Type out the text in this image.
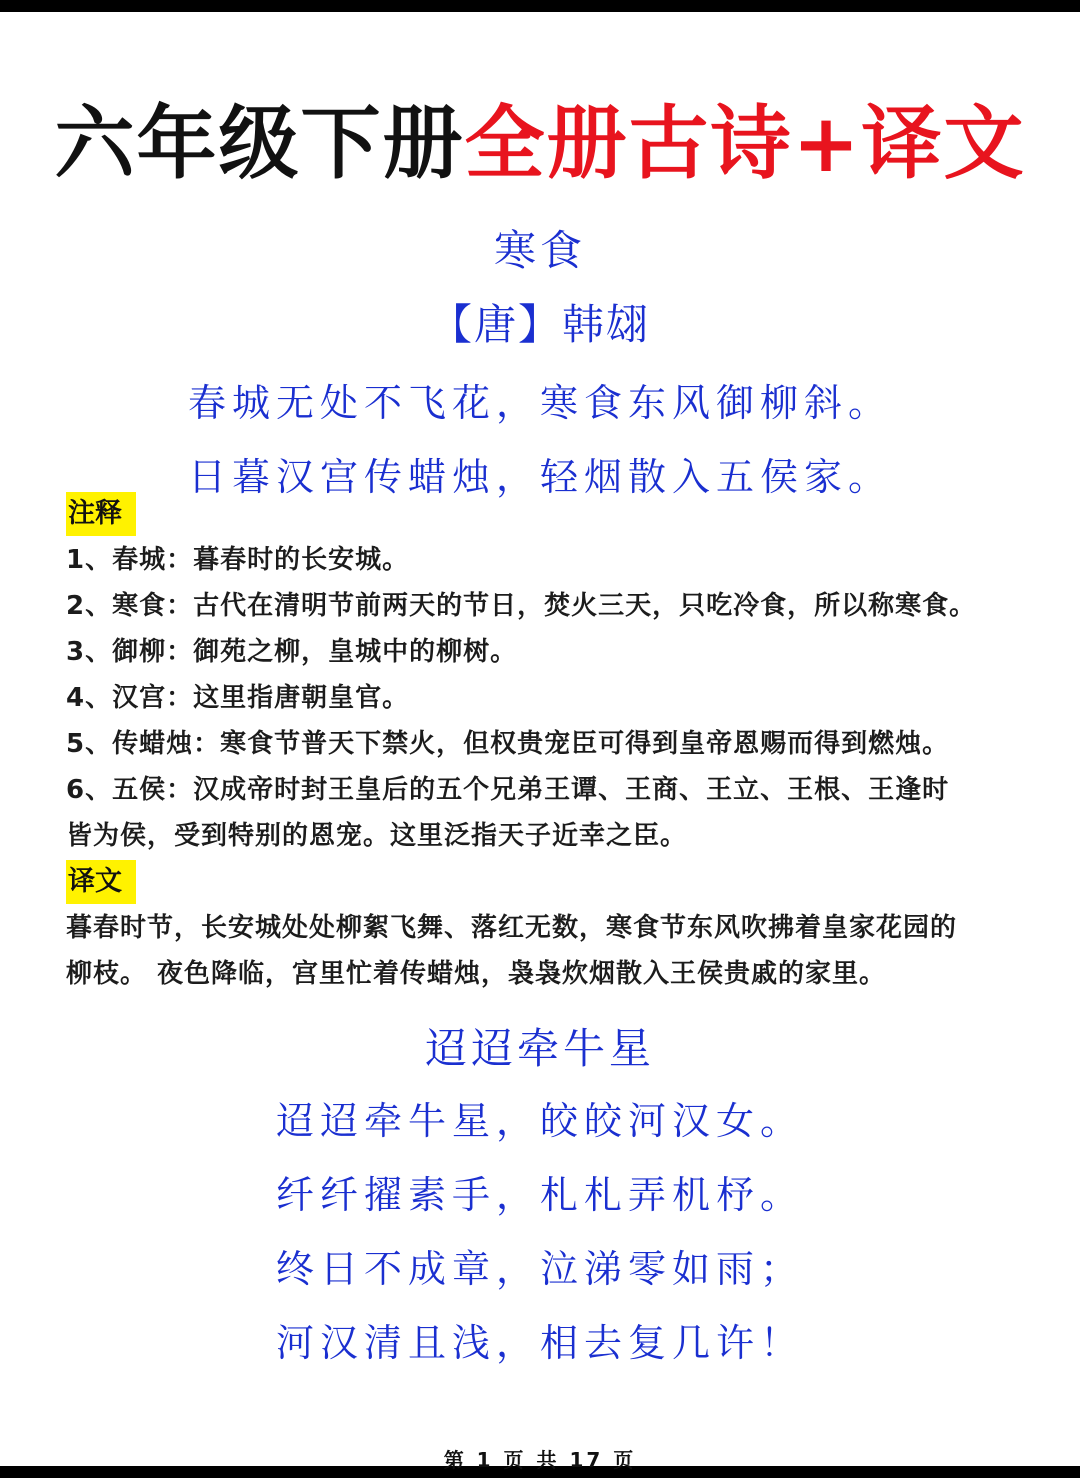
六年级下册全册古诗+译文
寒食
【唐】韩翃
春城无处不飞花，寒食东风御柳斜。
日暮汉宫传蜡烛，轻烟散入五侯家。
注释
1、春城：暮春时的长安城。
2、寒食：古代在清明节前两天的节日，焚火三天，只吃冷食，所以称寒食。
3、御柳：御苑之柳，皇城中的柳树。
4、汉宫：这里指唐朝皇官。
5、传蜡烛：寒食节普天下禁火，但权贵宠臣可得到皇帝恩赐而得到燃烛。
6、五侯：汉成帝时封王皇后的五个兄弟王谭、王商、王立、王根、王逢时
皆为侯，受到特别的恩宠。这里泛指天子近幸之臣。
译文
暮春时节，长安城处处柳絮飞舞、落红无数，寒食节东风吹拂着皇家花园的
柳枝。 夜色降临，宫里忙着传蜡烛，袅袅炊烟散入王侯贵戚的家里。
迢迢牵牛星
迢迢牵牛星，皎皎河汉女。
纤纤擢素手，札札弄机杼。
终日不成章，泣涕零如雨；
河汉清且浅，相去复几许！
第 1 页 共 17 页
